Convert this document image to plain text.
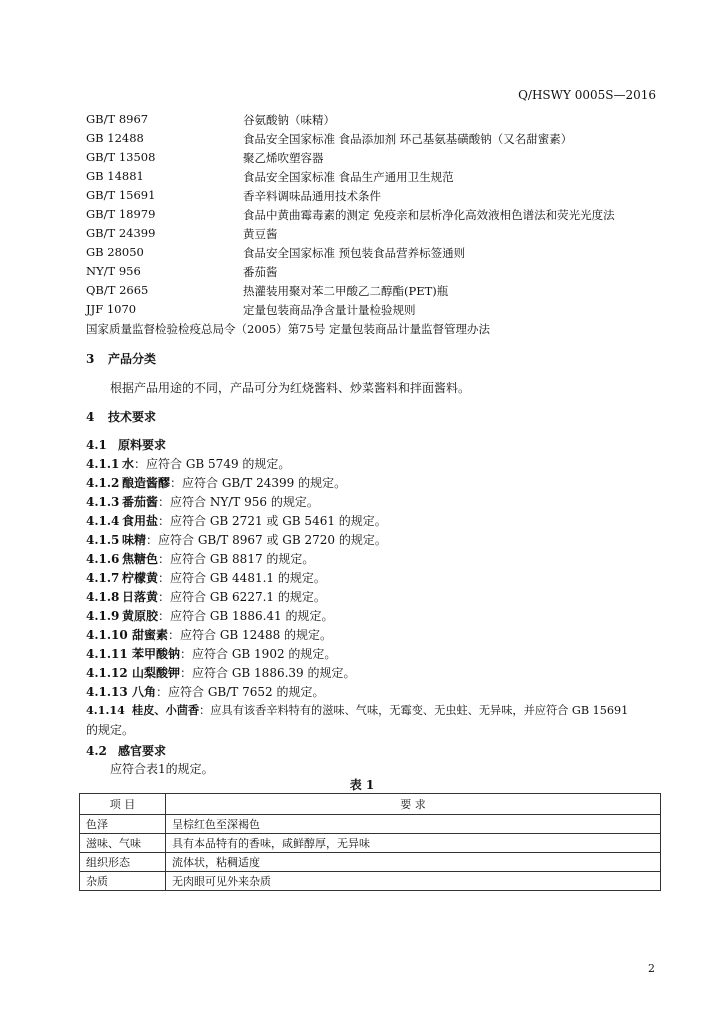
Q/HSWY 0005S—2016
GB/T 8967	谷氨酸钠（味精）
GB 12488	食品安全国家标准 食品添加剂 环己基氨基磺酸钠（又名甜蜜素）
GB/T 13508	聚乙烯吹塑容器
GB 14881	食品安全国家标准 食品生产通用卫生规范
GB/T 15691	香辛料调味品通用技术条件
GB/T 18979	食品中黄曲霉毒素的测定 免疫亲和层析净化高效液相色谱法和荧光光度法
GB/T 24399	黄豆酱
GB 28050	食品安全国家标准 预包装食品营养标签通则
NY/T 956	番茄酱
QB/T 2665	热灌装用聚对苯二甲酸乙二醇酯(PET)瓶
JJF 1070	定量包装商品净含量计量检验规则
国家质量监督检验检疫总局令（2005）第75号 定量包装商品计量监督管理办法
3 产品分类
根据产品用途的不同，产品可分为红烧酱料、炒菜酱料和拌面酱料。
4 技术要求
4.1 原料要求
4.1.1 水：应符合 GB 5749 的规定。
4.1.2 酿造酱醪：应符合 GB/T 24399 的规定。
4.1.3 番茄酱：应符合 NY/T 956 的规定。
4.1.4 食用盐：应符合 GB 2721 或 GB 5461 的规定。
4.1.5 味精：应符合 GB/T 8967 或 GB 2720 的规定。
4.1.6 焦糖色：应符合 GB 8817 的规定。
4.1.7 柠檬黄：应符合 GB 4481.1 的规定。
4.1.8 日落黄：应符合 GB 6227.1 的规定。
4.1.9 黄原胶：应符合 GB 1886.41 的规定。
4.1.10 甜蜜素：应符合 GB 12488 的规定。
4.1.11 苯甲酸钠：应符合 GB 1902 的规定。
4.1.12 山梨酸钾：应符合 GB 1886.39 的规定。
4.1.13 八角：应符合 GB/T 7652 的规定。
4.1.14 桂皮、小茴香：应具有该香辛料特有的滋味、气味，无霉变、无虫蛀、无异味，并应符合 GB 15691
的规定。
4.2 感官要求
应符合表1的规定。
表 1
项 目	要 求
色泽	呈棕红色至深褐色
滋味、气味	具有本品特有的香味，咸鲜醇厚，无异味
组织形态	流体状，粘稠适度
杂质	无肉眼可见外来杂质
2
